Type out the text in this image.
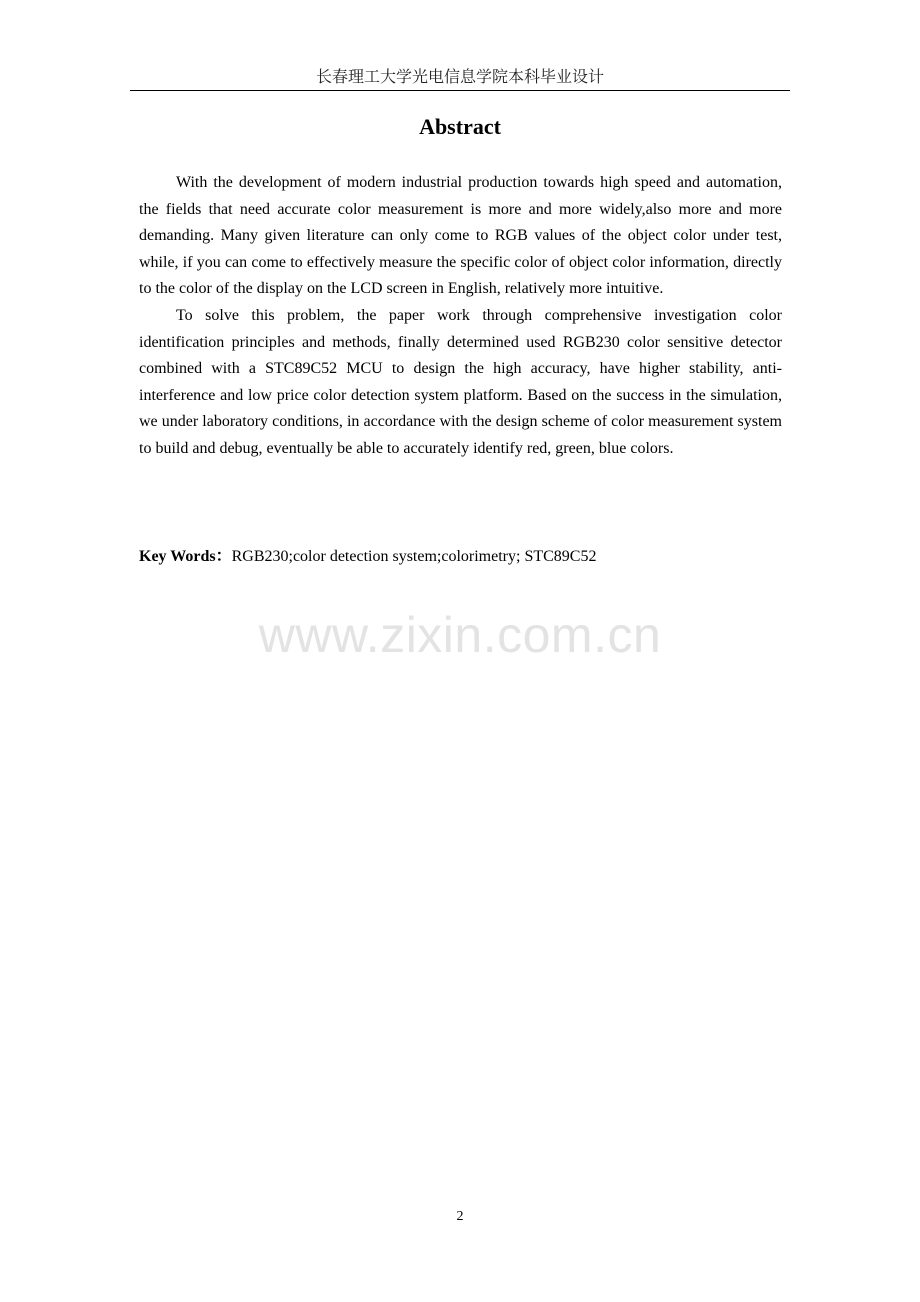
长春理工大学光电信息学院本科毕业设计
Abstract

With the development of modern industrial production towards high speed and automation, the fields that need accurate color measurement is more and more widely,also more and more demanding. Many given literature can only come to RGB values of the object color under test, while, if you can come to effectively measure the specific color of object color information, directly to the color of the display on the LCD screen in English, relatively more intuitive.

To solve this problem, the paper work through comprehensive investigation color identification principles and methods, finally determined used RGB230 color sensitive detector combined with a STC89C52 MCU to design the high accuracy, have higher stability, anti-interference and low price color detection system platform. Based on the success in the simulation, we under laboratory conditions, in accordance with the design scheme of color measurement system to build and debug, eventually be able to accurately identify red, green, blue colors.

Key Words：RGB230;color detection system;colorimetry; STC89C52
www.zixin.com.cn
2
